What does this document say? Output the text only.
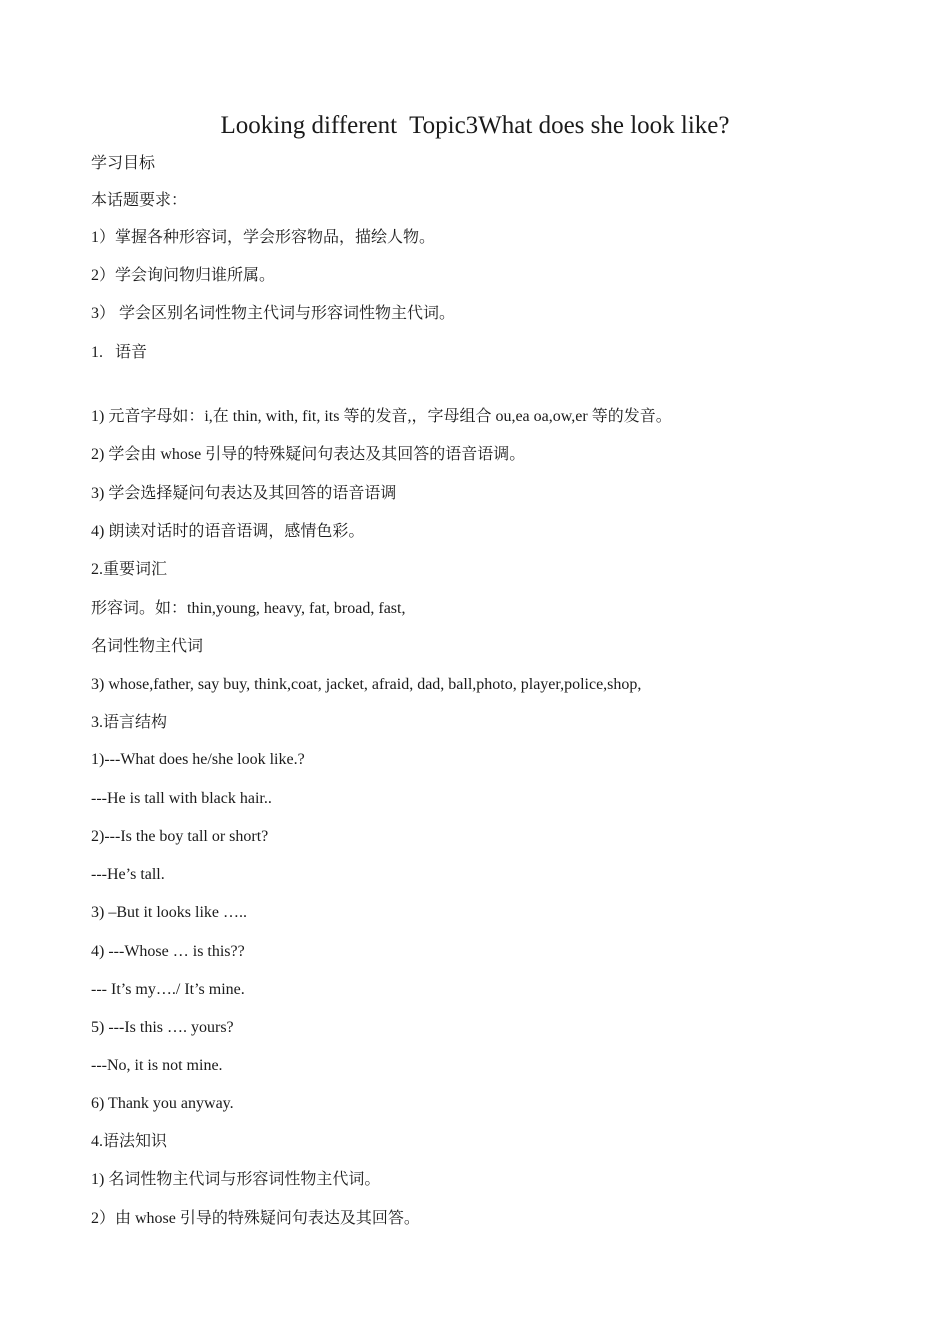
Looking different  Topic3What does she look like?
学习目标
本话题要求：
1）掌握各种形容词，学会形容物品，描绘人物。
2）学会询问物归谁所属。
3） 学会区别名词性物主代词与形容词性物主代词。
1.   语音
1) 元音字母如：i,在 thin, with, fit, its 等的发音,，字母组合 ou,ea oa,ow,er 等的发音。
2) 学会由 whose 引导的特殊疑问句表达及其回答的语音语调。
3) 学会选择疑问句表达及其回答的语音语调
4) 朗读对话时的语音语调，感情色彩。
2.重要词汇
形容词。如：thin,young, heavy, fat, broad, fast,
名词性物主代词
3) whose,father, say buy, think,coat, jacket, afraid, dad, ball,photo, player,police,shop,
3.语言结构
1)---What does he/she look like.?
---He is tall with black hair..
2)---Is the boy tall or short?
---He’s tall.
3) –But it looks like …..
4) ---Whose … is this??
--- It’s my…./ It’s mine.
5) ---Is this …. yours?
---No, it is not mine.
6) Thank you anyway.
4.语法知识
1) 名词性物主代词与形容词性物主代词。
2）由 whose 引导的特殊疑问句表达及其回答。
